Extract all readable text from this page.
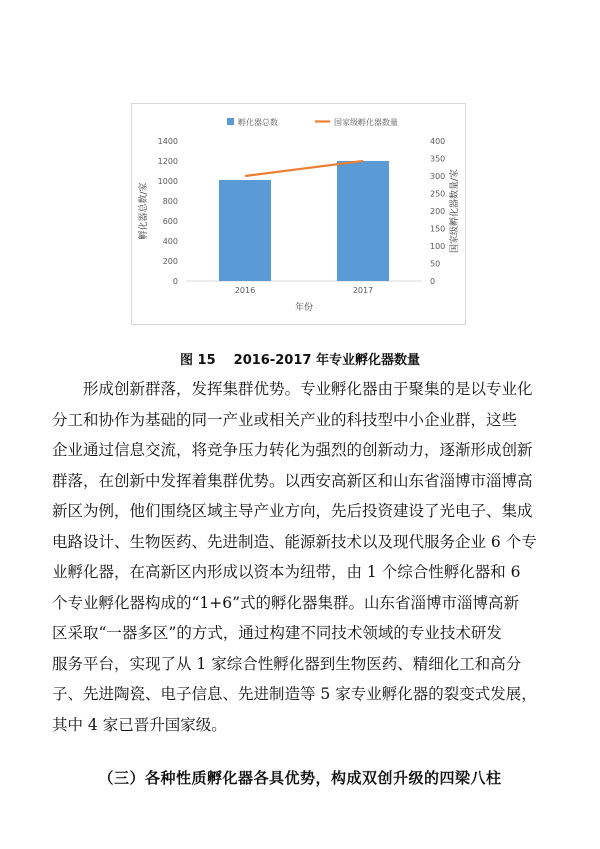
0
200
400
600
800
1000
1200
1400
0
50
100
150
200
250
300
350
400
2016	2017
年份
孵化器总数/家	国家级孵化器数量/家
孵化器总数	国家级孵化器数量
图 15 2016-2017 年专业孵化器数量

形成创新群落，发挥集群优势。专业孵化器由于聚集的是以专业化
分工和协作为基础的同一产业或相关产业的科技型中小企业群，这些
企业通过信息交流，将竞争压力转化为强烈的创新动力，逐渐形成创新
群落，在创新中发挥着集群优势。以西安高新区和山东省淄博市淄博高
新区为例，他们围绕区域主导产业方向，先后投资建设了光电子、集成
电路设计、生物医药、先进制造、能源新技术以及现代服务企业 6 个专
业孵化器，在高新区内形成以资本为纽带，由 1 个综合性孵化器和 6
个专业孵化器构成的“1+6”式的孵化器集群。山东省淄博市淄博高新
区采取“一器多区”的方式，通过构建不同技术领域的专业技术研发
服务平台，实现了从 1 家综合性孵化器到生物医药、精细化工和高分
子、先进陶瓷、电子信息、先进制造等 5 家专业孵化器的裂变式发展，
其中 4 家已晋升国家级。

（三）各种性质孵化器各具优势，构成双创升级的四梁八柱
